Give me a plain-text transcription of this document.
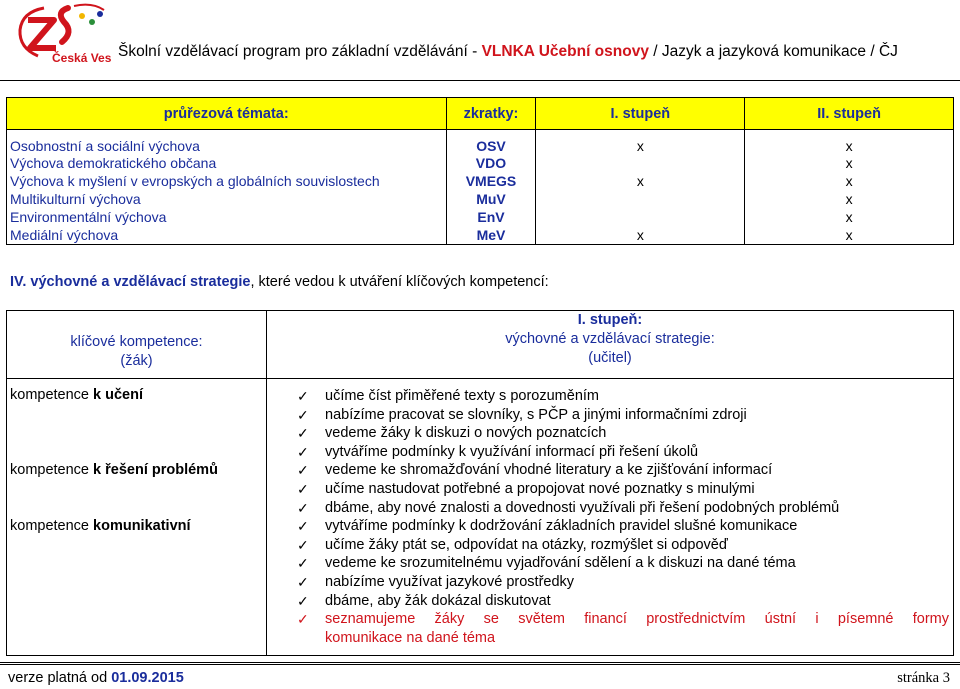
Česká Ves Školní vzdělávací program pro základní vzdělávání - VLNKA Učební osnovy / Jazyk a jazyková komunikace / ČJ
průřezová témata:	zkratky:	I. stupeň	II. stupeň
Osobnostní a sociální výchova	OSV	x	x
Výchova demokratického občana	VDO		x
Výchova k myšlení v evropských a globálních souvislostech	VMEGS	x	x
Multikulturní výchova	MuV		x
Environmentální výchova	EnV		x
Mediální výchova	MeV	x	x
IV. výchovné a vzdělávací strategie, které vedou k utváření klíčových kompetencí:
klíčové kompetence:
(žák)
kompetence k učení
kompetence k řešení problémů
kompetence komunikativní
I. stupeň:
výchovné a vzdělávací strategie:
(učitel)
✓ učíme číst přiměřené texty s porozuměním
✓ nabízíme pracovat se slovníky, s PČP a jinými informačními zdroji
✓ vedeme žáky k diskuzi o nových poznatcích
✓ vytváříme podmínky k využívání informací při řešení úkolů
✓ vedeme ke shromažďování vhodné literatury a ke zjišťování informací
✓ učíme nastudovat potřebné a propojovat nové poznatky s minulými
✓ dbáme, aby nové znalosti a dovednosti využívali při řešení podobných problémů
✓ vytváříme podmínky k dodržování základních pravidel slušné komunikace
✓ učíme žáky ptát se, odpovídat na otázky, rozmýšlet si odpověď
✓ vedeme ke srozumitelnému vyjadřování sdělení a k diskuzi na dané téma
✓ nabízíme využívat jazykové prostředky
✓ dbáme, aby žák dokázal diskutovat
✓ seznamujeme žáky se světem financí prostřednictvím ústní i písemné formy
komunikace na dané téma
verze platná od 01.09.2015	stránka 3
